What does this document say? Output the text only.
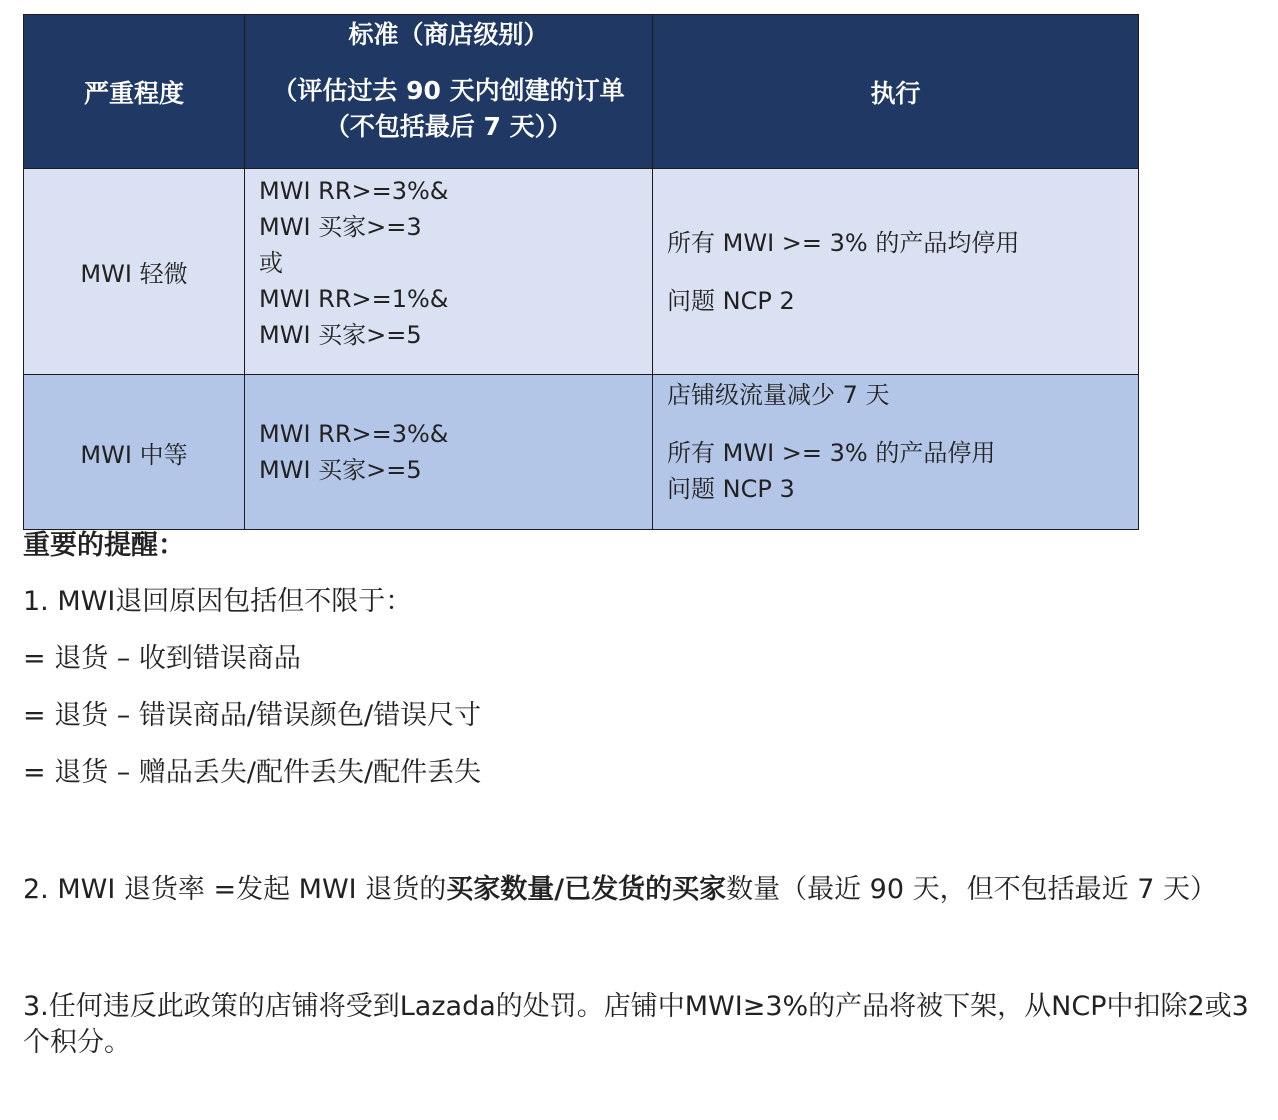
严重程度	标准（商店级别）
（评估过去 90 天内创建的订单
（不包括最后 7 天））	执行
MWI 轻微	MWI RR>=3%&
MWI 买家>=3
或
MWI RR>=1%&
MWI 买家>=5	所有 MWI >= 3% 的产品均停用
问题 NCP 2

MWI 中等	MWI RR>=3%&
MWI 买家>=5	店铺级流量减少 7 天
所有 MWI >= 3% 的产品停用
问题 NCP 3
重要的提醒：
1. MWI退回原因包括但不限于：
= 退货 – 收到错误商品
= 退货 – 错误商品/错误颜色/错误尺寸
= 退货 – 赠品丢失/配件丢失/配件丢失
2. MWI 退货率 =发起 MWI 退货的买家数量/已发货的买家数量（最近 90 天，但不包括最近 7 天）
3.任何违反此政策的店铺将受到Lazada的处罚。店铺中MWI≥3%的产品将被下架，从NCP中扣除2或3个积分。
